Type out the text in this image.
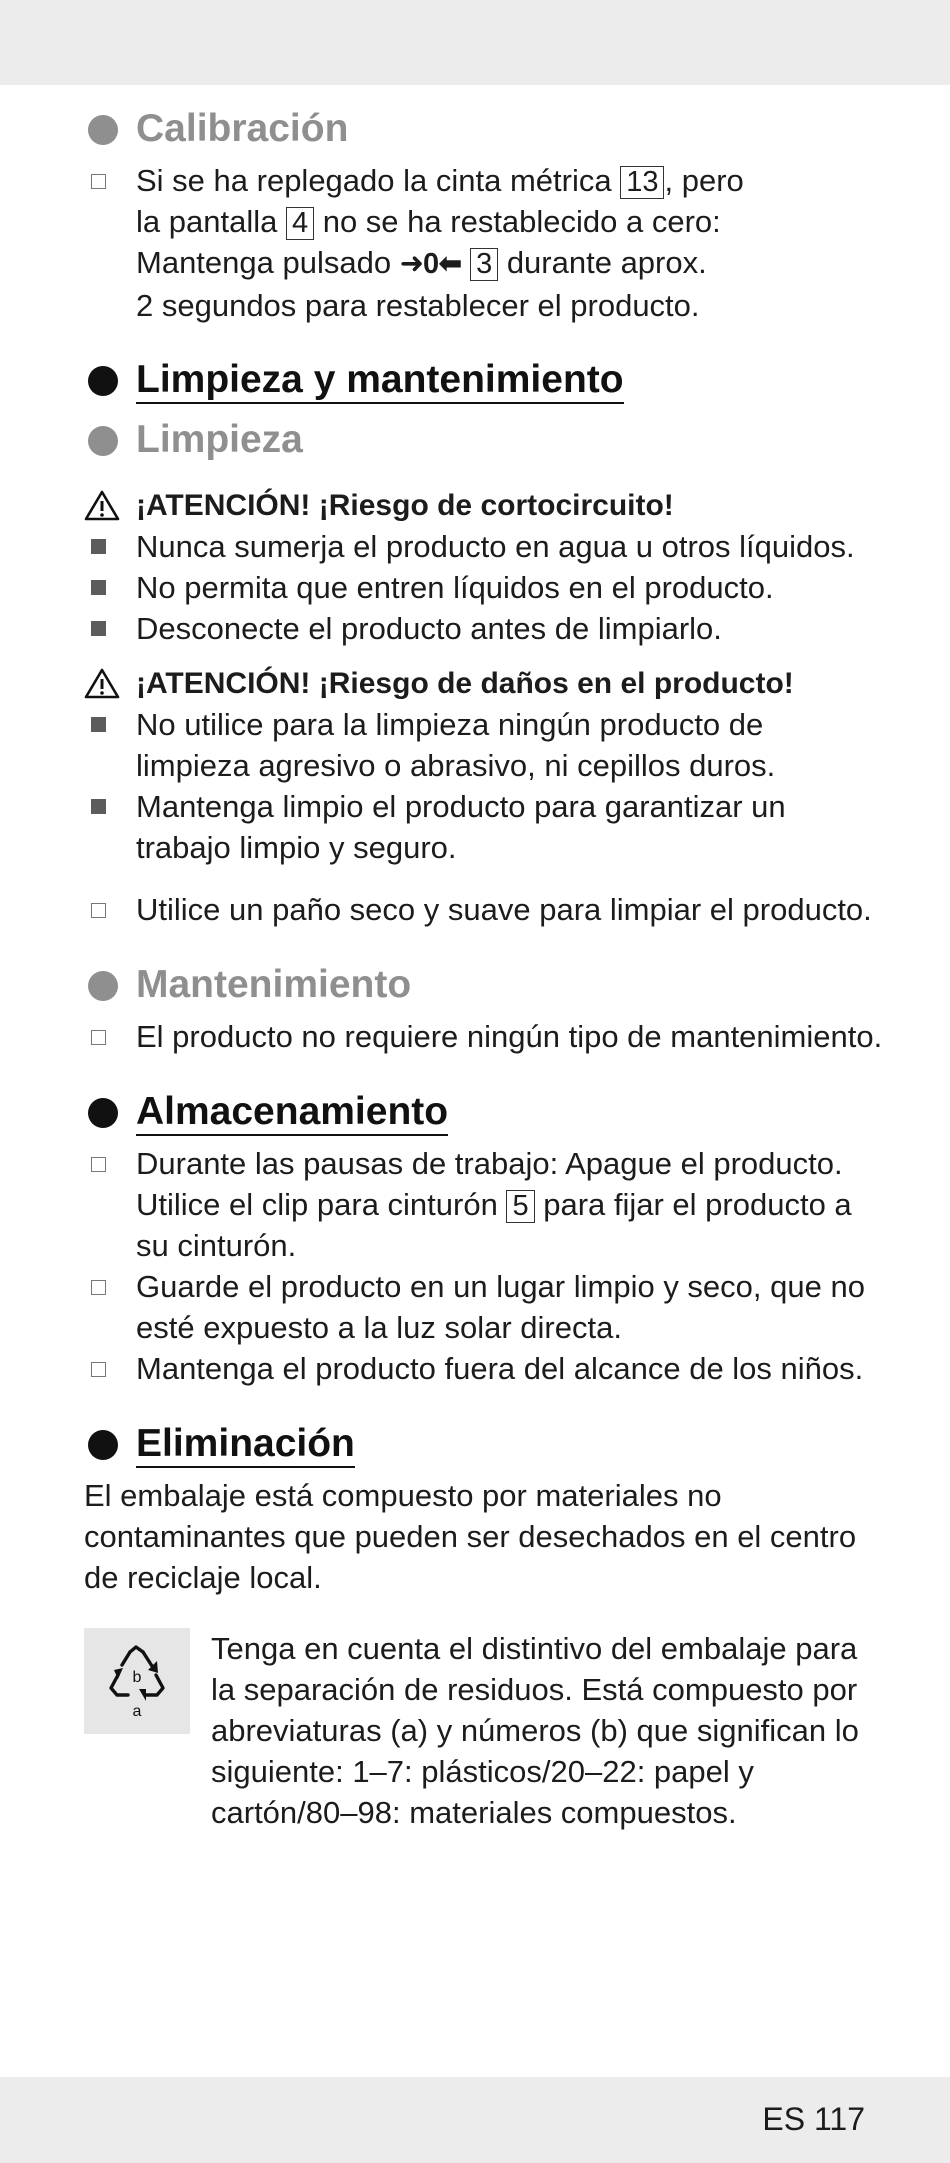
Calibración
Si se ha replegado la cinta métrica 13 , pero
la pantalla 4 no se ha restablecido a cero:
Mantenga pulsado ➜0⬅ 3 durante aprox.
2 segundos para restablecer el producto.
Limpieza y mantenimiento
Limpieza
¡ATENCIÓN! ¡Riesgo de cortocircuito!
Nunca sumerja el producto en agua u otros líquidos.
No permita que entren líquidos en el producto.
Desconecte el producto antes de limpiarlo.
¡ATENCIÓN! ¡Riesgo de daños en el producto!
No utilice para la limpieza ningún producto de limpieza agresivo o abrasivo, ni cepillos duros.
Mantenga limpio el producto para garantizar un trabajo limpio y seguro.
Utilice un paño seco y suave para limpiar el producto.
Mantenimiento
El producto no requiere ningún tipo de mantenimiento.
Almacenamiento
Durante las pausas de trabajo: Apague el producto. Utilice el clip para cinturón 5 para fijar el producto a su cinturón.
Guarde el producto en un lugar limpio y seco, que no esté expuesto a la luz solar directa.
Mantenga el producto fuera del alcance de los niños.
Eliminación
El embalaje está compuesto por materiales no contaminantes que pueden ser desechados en el centro de reciclaje local.
b
a
Tenga en cuenta el distintivo del embalaje para la separación de residuos. Está compuesto por abreviaturas (a) y números (b) que significan lo siguiente: 1–7: plásticos/20–22: papel y cartón/80–98: materiales compuestos.
ES 117
